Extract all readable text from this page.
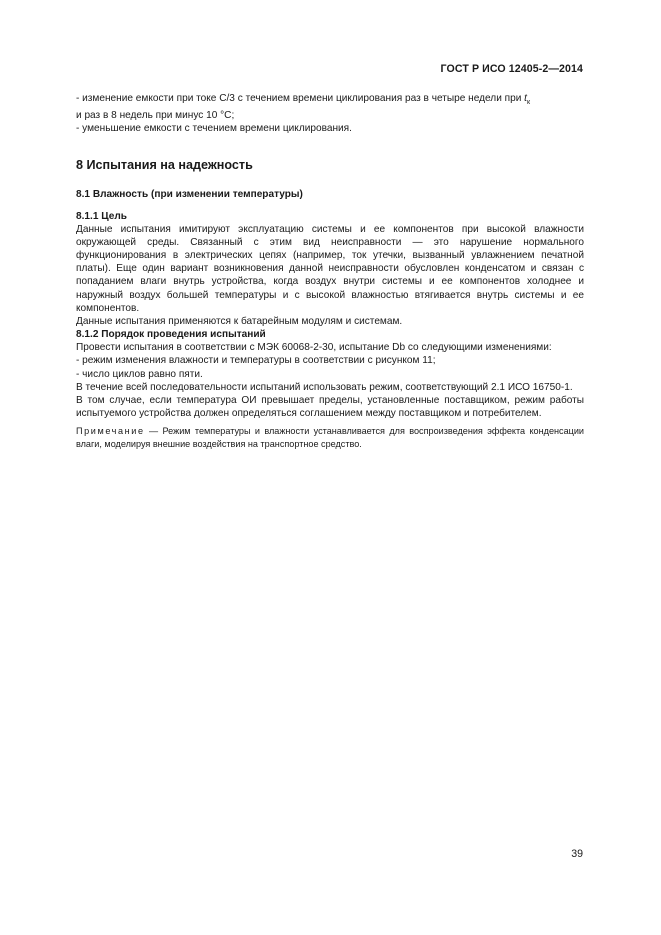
ГОСТ Р ИСО 12405-2—2014

- изменение емкости при токе С/3 с течением времени циклирования раз в четыре недели при $t_к$

и раз в 8 недель при минус 10 °С;

- уменьшение емкости с течением времени циклирования.

8 Испытания на надежность
8.1 Влажность (при изменении температуры)
8.1.1 Цель

Данные испытания имитируют эксплуатацию системы и ее компонентов при высокой влажности окружающей среды. Связанный с этим вид неисправности — это нарушение нормального функционирования в электрических цепях (например, ток утечки, вызванный увлажнением печатной платы). Еще один вариант возникновения данной неисправности обусловлен конденсатом и связан с попаданием влаги внутрь устройства, когда воздух внутри системы и ее компонентов холоднее и наружный воздух большей температуры и с высокой влажностью втягивается внутрь системы и ее компонентов.

Данные испытания применяются к батарейным модулям и системам.

8.1.2 Порядок проведения испытаний

Провести испытания в соответствии с МЭК 60068-2-30, испытание Db со следующими изменениями:

- режим изменения влажности и температуры в соответствии с рисунком 11;

- число циклов равно пяти.

В течение всей последовательности испытаний использовать режим, соответствующий 2.1 ИСО 16750-1.

В том случае, если температура ОИ превышает пределы, установленные поставщиком, режим работы испытуемого устройства должен определяться соглашением между поставщиком и потребителем.

Примечание — Режим температуры и влажности устанавливается для воспроизведения эффекта конденсации влаги, моделируя внешние воздействия на транспортное средство.

39
